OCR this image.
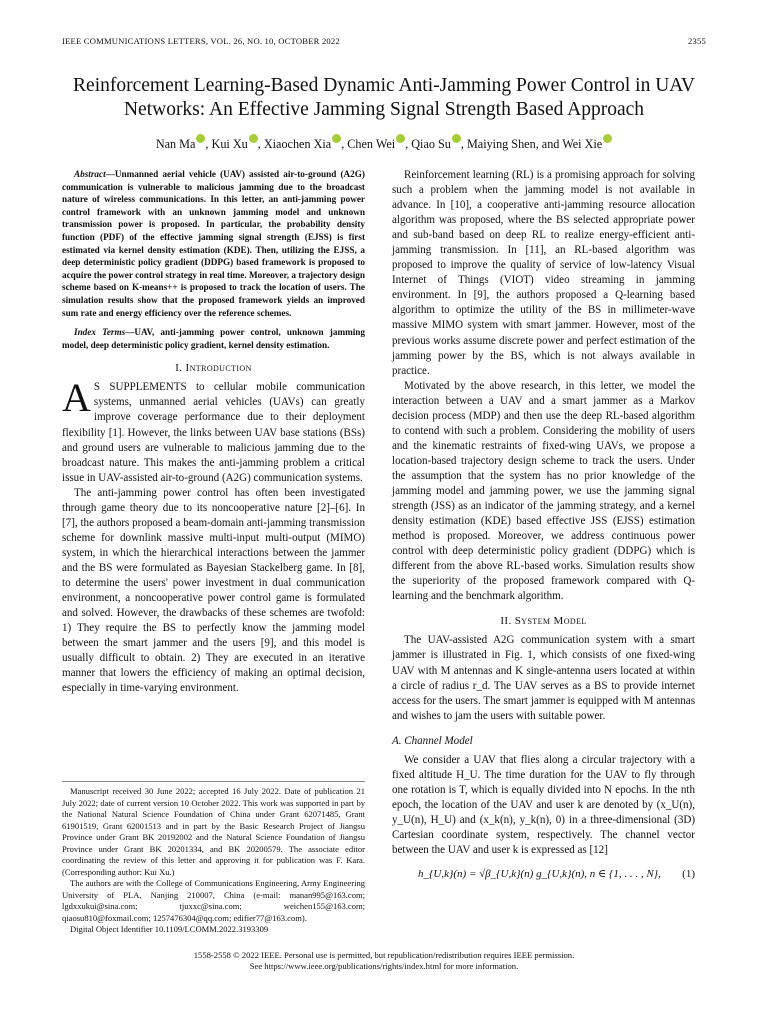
IEEE COMMUNICATIONS LETTERS, VOL. 26, NO. 10, OCTOBER 2022	2355
Reinforcement Learning-Based Dynamic Anti-Jamming Power Control in UAV Networks: An Effective Jamming Signal Strength Based Approach
Nan Ma , Kui Xu , Xiaochen Xia , Chen Wei , Qiao Su , Maiying Shen, and Wei Xie

Abstract—Unmanned aerial vehicle (UAV) assisted air-to-ground (A2G) communication is vulnerable to malicious jamming due to the broadcast nature of wireless communications. In this letter, an anti-jamming power control framework with an unknown jamming model and unknown transmission power is proposed. In particular, the probability density function (PDF) of the effective jamming signal strength (EJSS) is first estimated via kernel density estimation (KDE). Then, utilizing the EJSS, a deep deterministic policy gradient (DDPG) based framework is proposed to acquire the power control strategy in real time. Moreover, a trajectory design scheme based on K-means++ is proposed to track the location of users. The simulation results show that the proposed framework yields an improved sum rate and energy efficiency over the reference schemes.

Index Terms—UAV, anti-jamming power control, unknown jamming model, deep deterministic policy gradient, kernel density estimation.

I. Introduction

A S SUPPLEMENTS to cellular mobile communication systems, unmanned aerial vehicles (UAVs) can greatly improve coverage performance due to their deployment flexibility [1]. However, the links between UAV base stations (BSs) and ground users are vulnerable to malicious jamming due to the broadcast nature. This makes the anti-jamming problem a critical issue in UAV-assisted air-to-ground (A2G) communication systems.

The anti-jamming power control has often been investigated through game theory due to its noncooperative nature [2]–[6]. In [7], the authors proposed a beam-domain anti-jamming transmission scheme for downlink massive multi-input multi-output (MIMO) system, in which the hierarchical interactions between the jammer and the BS were formulated as Bayesian Stackelberg game. In [8], to determine the users' power investment in dual communication environment, a noncooperative power control game is formulated and solved. However, the drawbacks of these schemes are twofold: 1) They require the BS to perfectly know the jamming model between the smart jammer and the users [9], and this model is usually difficult to obtain. 2) They are executed in an iterative manner that lowers the efficiency of making an optimal decision, especially in time-varying environment.

Manuscript received 30 June 2022; accepted 16 July 2022. Date of publication 21 July 2022; date of current version 10 October 2022. This work was supported in part by the National Natural Science Foundation of China under Grant 62071485, Grant 61901519, Grant 62001513 and in part by the Basic Research Project of Jiangsu Province under Grant BK 20192002 and the Natural Science Foundation of Jiangsu Province under Grant BK 20201334, and BK 20200579. The associate editor coordinating the review of this letter and approving it for publication was F. Kara. (Corresponding author: Kui Xu.)

The authors are with the College of Communications Engineering, Army Engineering University of PLA, Nanjing 210007, China (e-mail: manan995@163.com; lgdxxukui@sina.com; tjuxxc@sina.com; weichen155@163.com; qiaosu810@foxmail.com; 1257476304@qq.com; edifier77@163.com).

Digital Object Identifier 10.1109/LCOMM.2022.3193309

Reinforcement learning (RL) is a promising approach for solving such a problem when the jamming model is not available in advance. In [10], a cooperative anti-jamming resource allocation algorithm was proposed, where the BS selected appropriate power and sub-band based on deep RL to realize energy-efficient anti-jamming transmission. In [11], an RL-based algorithm was proposed to improve the quality of service of low-latency Visual Internet of Things (VIOT) video streaming in jamming environment. In [9], the authors proposed a Q-learning based algorithm to optimize the utility of the BS in millimeter-wave massive MIMO system with smart jammer. However, most of the previous works assume discrete power and perfect estimation of the jamming power by the BS, which is not always available in practice.

Motivated by the above research, in this letter, we model the interaction between a UAV and a smart jammer as a Markov decision process (MDP) and then use the deep RL-based algorithm to contend with such a problem. Considering the mobility of users and the kinematic restraints of fixed-wing UAVs, we propose a location-based trajectory design scheme to track the users. Under the assumption that the system has no prior knowledge of the jamming model and jamming power, we use the jamming signal strength (JSS) as an indicator of the jamming strategy, and a kernel density estimation (KDE) based effective JSS (EJSS) estimation method is proposed. Moreover, we address continuous power control with deep deterministic policy gradient (DDPG) which is different from the above RL-based works. Simulation results show the superiority of the proposed framework compared with Q-learning and the benchmark algorithm.

II. System Model

The UAV-assisted A2G communication system with a smart jammer is illustrated in Fig. 1, which consists of one fixed-wing UAV with M antennas and K single-antenna users located at within a circle of radius r_d. The UAV serves as a BS to provide internet access for the users. The smart jammer is equipped with M antennas and wishes to jam the users with suitable power.

A. Channel Model

We consider a UAV that flies along a circular trajectory with a fixed altitude H_U. The time duration for the UAV to fly through one rotation is T, which is equally divided into N epochs. In the nth epoch, the location of the UAV and user k are denoted by (x_U(n), y_U(n), H_U) and (x_k(n), y_k(n), 0) in a three-dimensional (3D) Cartesian coordinate system, respectively. The channel vector between the UAV and user k is expressed as [12]

h_{U,k}(n) = √β_{U,k}(n) g_{U,k}(n), n ∈ {1, . . . , N}, (1)
1558-2558 © 2022 IEEE. Personal use is permitted, but republication/redistribution requires IEEE permission.
See https://www.ieee.org/publications/rights/index.html for more information.
